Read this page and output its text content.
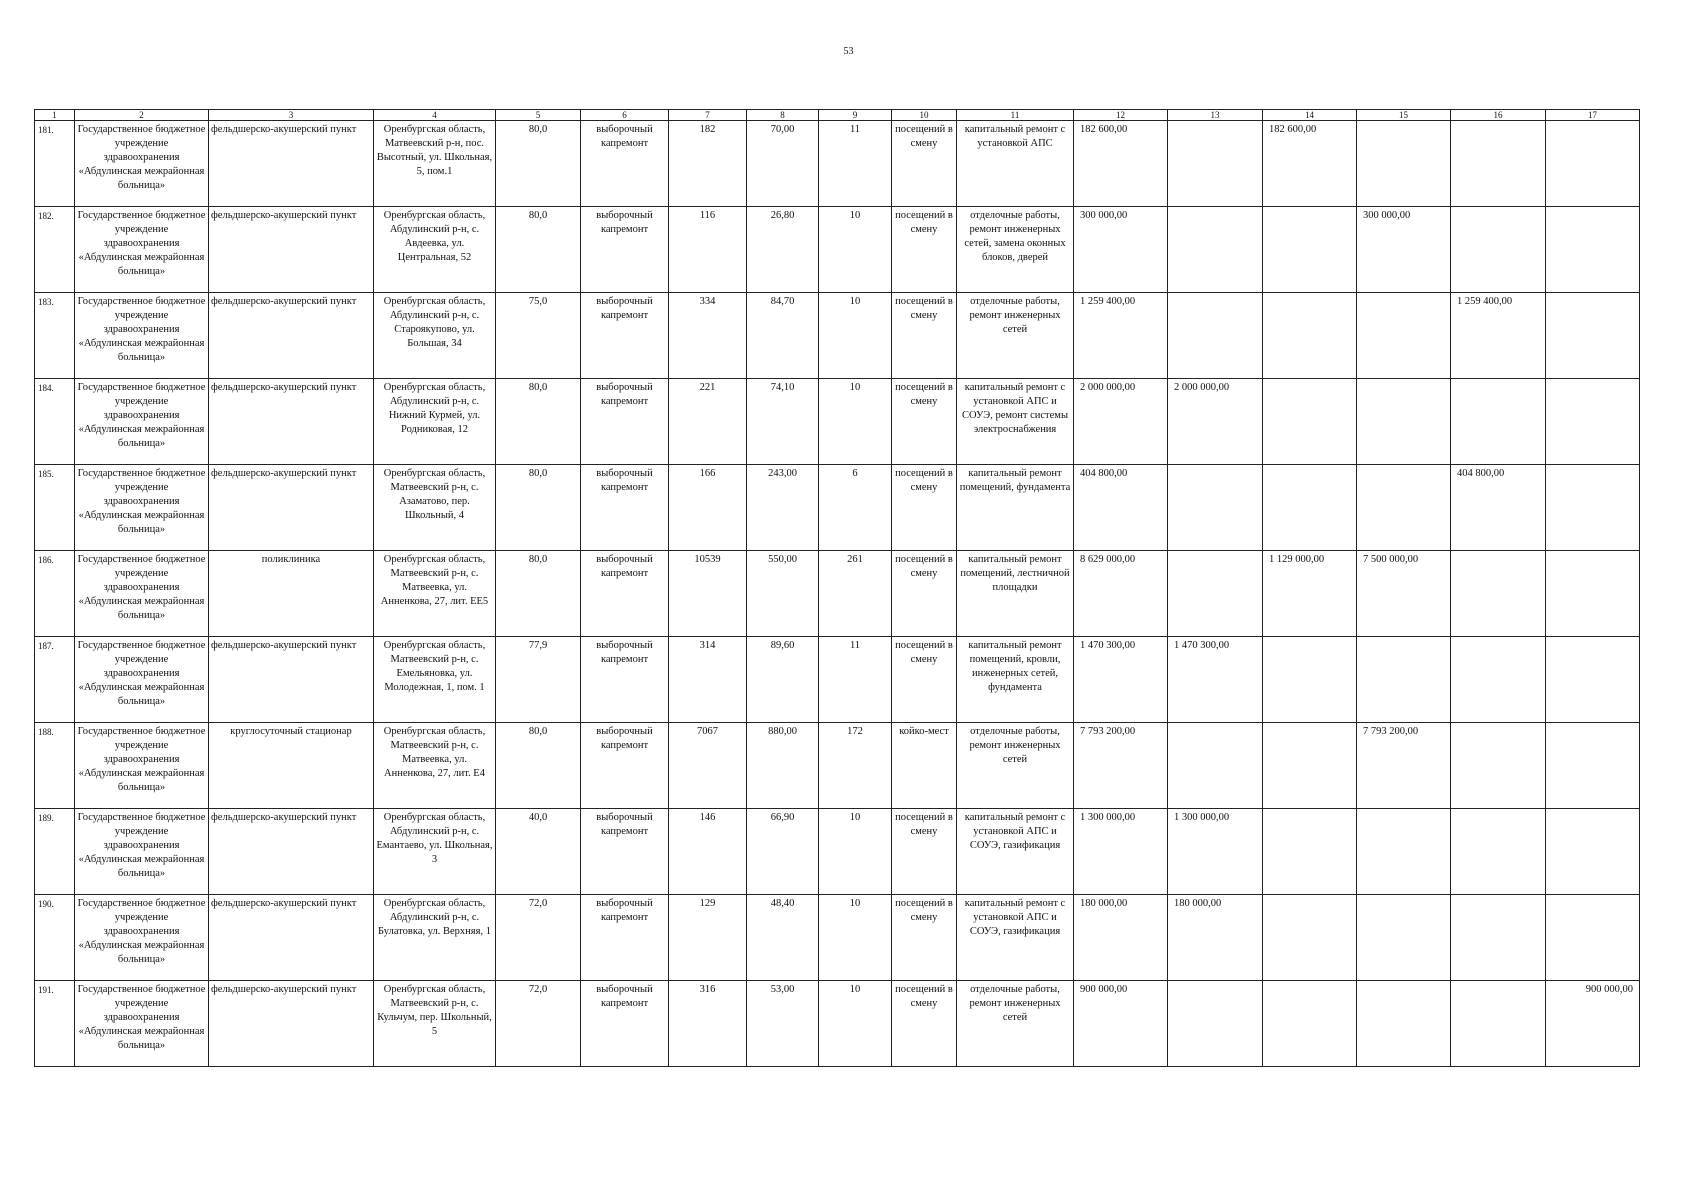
53
1	2	3	4	5	6	7	8	9	10	11	12	13	14	15	16	17
181.	Государственное бюджетное учреждение здравоохранения «Абдулинская межрайонная больница»	фельдшерско-акушерский пункт	Оренбургская область, Матвеевский р-н, пос. Высотный, ул. Школьная, 5, пом.1	80,0	выборочный капремонт	182	70,00	11	посещений в смену	капитальный ремонт с установкой АПС	182 600,00		182 600,00			
182.	Государственное бюджетное учреждение здравоохранения «Абдулинская межрайонная больница»	фельдшерско-акушерский пункт	Оренбургская область, Абдулинский р-н, с. Авдеевка, ул. Центральная, 52	80,0	выборочный капремонт	116	26,80	10	посещений в смену	отделочные работы, ремонт инженерных сетей, замена оконных блоков, дверей	300 000,00			300 000,00		
183.	Государственное бюджетное учреждение здравоохранения «Абдулинская межрайонная больница»	фельдшерско-акушерский пункт	Оренбургская область, Абдулинский р-н, с. Староякупово, ул. Большая, 34	75,0	выборочный капремонт	334	84,70	10	посещений в смену	отделочные работы, ремонт инженерных сетей	1 259 400,00				1 259 400,00	
184.	Государственное бюджетное учреждение здравоохранения «Абдулинская межрайонная больница»	фельдшерско-акушерский пункт	Оренбургская область, Абдулинский р-н, с. Нижний Курмей, ул. Родниковая, 12	80,0	выборочный капремонт	221	74,10	10	посещений в смену	капитальный ремонт с установкой АПС и СОУЭ, ремонт системы электроснабжения	2 000 000,00	2 000 000,00				
185.	Государственное бюджетное учреждение здравоохранения «Абдулинская межрайонная больница»	фельдшерско-акушерский пункт	Оренбургская область, Матвеевский р-н, с. Азаматово, пер. Школьный, 4	80,0	выборочный капремонт	166	243,00	6	посещений в смену	капитальный ремонт помещений, фундамента	404 800,00				404 800,00	
186.	Государственное бюджетное учреждение здравоохранения «Абдулинская межрайонная больница»	поликлиника	Оренбургская область, Матвеевский р-н, с. Матвеевка, ул. Анненкова, 27, лит. ЕЕ5	80,0	выборочный капремонт	10539	550,00	261	посещений в смену	капитальный ремонт помещений, лестничной площадки	8 629 000,00		1 129 000,00	7 500 000,00		
187.	Государственное бюджетное учреждение здравоохранения «Абдулинская межрайонная больница»	фельдшерско-акушерский пункт	Оренбургская область, Матвеевский р-н, с. Емельяновка, ул. Молодежная, 1, пом. 1	77,9	выборочный капремонт	314	89,60	11	посещений в смену	капитальный ремонт помещений, кровли, инженерных сетей, фундамента	1 470 300,00	1 470 300,00				
188.	Государственное бюджетное учреждение здравоохранения «Абдулинская межрайонная больница»	круглосуточный стационар	Оренбургская область, Матвеевский р-н, с. Матвеевка, ул. Анненкова, 27, лит. Е4	80,0	выборочный капремонт	7067	880,00	172	койко-мест	отделочные работы, ремонт инженерных сетей	7 793 200,00			7 793 200,00		
189.	Государственное бюджетное учреждение здравоохранения «Абдулинская межрайонная больница»	фельдшерско-акушерский пункт	Оренбургская область, Абдулинский р-н, с. Емантаево, ул. Школьная, 3	40,0	выборочный капремонт	146	66,90	10	посещений в смену	капитальный ремонт с установкой АПС и СОУЭ, газификация	1 300 000,00	1 300 000,00				
190.	Государственное бюджетное учреждение здравоохранения «Абдулинская межрайонная больница»	фельдшерско-акушерский пункт	Оренбургская область, Абдулинский р-н, с. Булатовка, ул. Верхняя, 1	72,0	выборочный капремонт	129	48,40	10	посещений в смену	капитальный ремонт с установкой АПС и СОУЭ, газификация	180 000,00	180 000,00				
191.	Государственное бюджетное учреждение здравоохранения «Абдулинская межрайонная больница»	фельдшерско-акушерский пункт	Оренбургская область, Матвеевский р-н, с. Кульчум, пер. Школьный, 5	72,0	выборочный капремонт	316	53,00	10	посещений в смену	отделочные работы, ремонт инженерных сетей	900 000,00					900 000,00
